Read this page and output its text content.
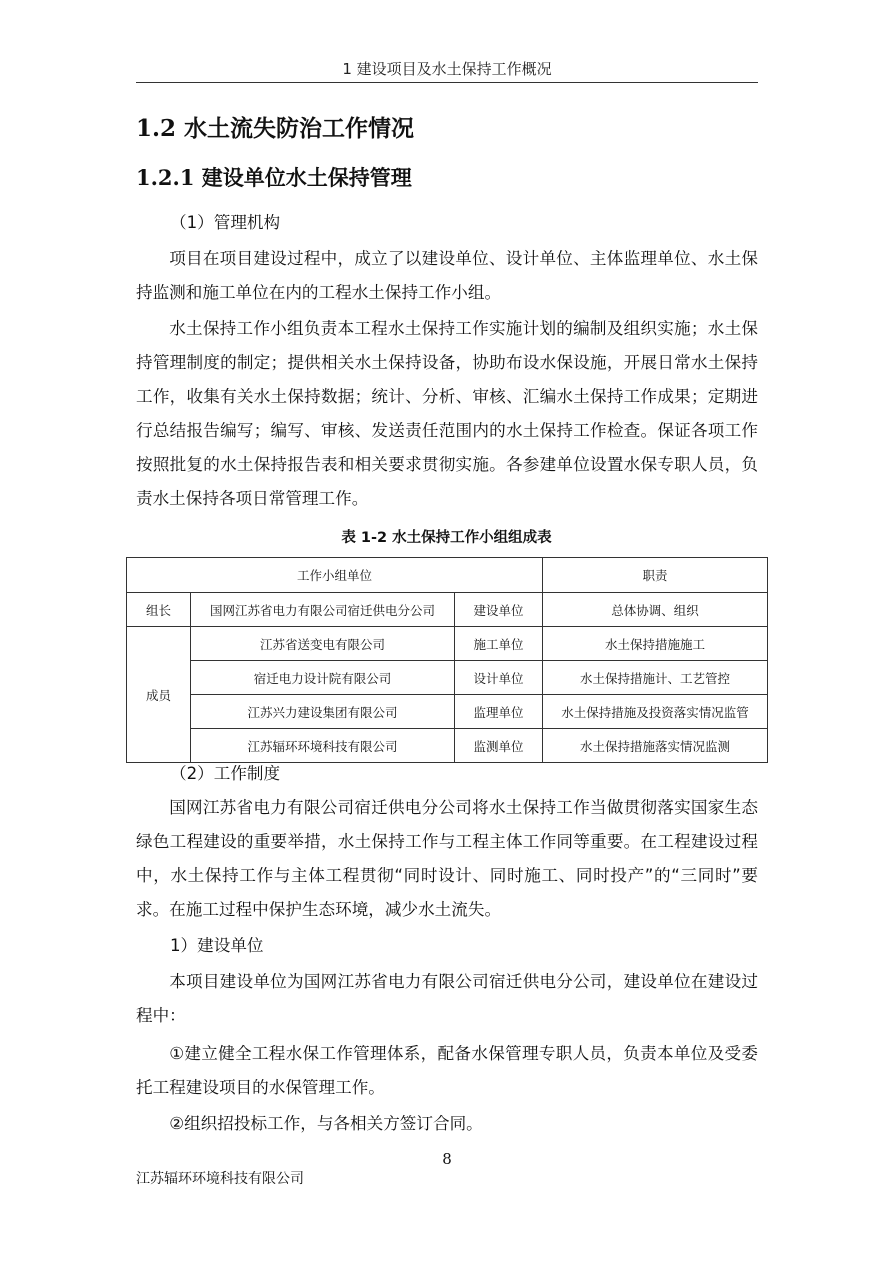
1 建设项目及水土保持工作概况
1.2 水土流失防治工作情况
1.2.1 建设单位水土保持管理
（1）管理机构

项目在项目建设过程中，成立了以建设单位、设计单位、主体监理单位、水土保持监测和施工单位在内的工程水土保持工作小组。

水土保持工作小组负责本工程水土保持工作实施计划的编制及组织实施；水土保持管理制度的制定；提供相关水土保持设备，协助布设水保设施，开展日常水土保持工作，收集有关水土保持数据；统计、分析、审核、汇编水土保持工作成果；定期进行总结报告编写；编写、审核、发送责任范围内的水土保持工作检查。保证各项工作按照批复的水土保持报告表和相关要求贯彻实施。各参建单位设置水保专职人员，负责水土保持各项日常管理工作。

表 1-2 水土保持工作小组组成表
工作小组单位			职责
组长	国网江苏省电力有限公司宿迁供电分公司	建设单位	总体协调、组织
成员	江苏省送变电有限公司	施工单位	水土保持措施施工
	宿迁电力设计院有限公司	设计单位	水土保持措施计、工艺管控
	江苏兴力建设集团有限公司	监理单位	水土保持措施及投资落实情况监管
	江苏辐环环境科技有限公司	监测单位	水土保持措施落实情况监测
（2）工作制度

国网江苏省电力有限公司宿迁供电分公司将水土保持工作当做贯彻落实国家生态绿色工程建设的重要举措，水土保持工作与工程主体工作同等重要。在工程建设过程中，水土保持工作与主体工程贯彻“同时设计、同时施工、同时投产”的“三同时”要求。在施工过程中保护生态环境，减少水土流失。

1）建设单位

本项目建设单位为国网江苏省电力有限公司宿迁供电分公司，建设单位在建设过程中：

①建立健全工程水保工作管理体系，配备水保管理专职人员，负责本单位及受委托工程建设项目的水保管理工作。

②组织招投标工作，与各相关方签订合同。

8
江苏辐环环境科技有限公司
